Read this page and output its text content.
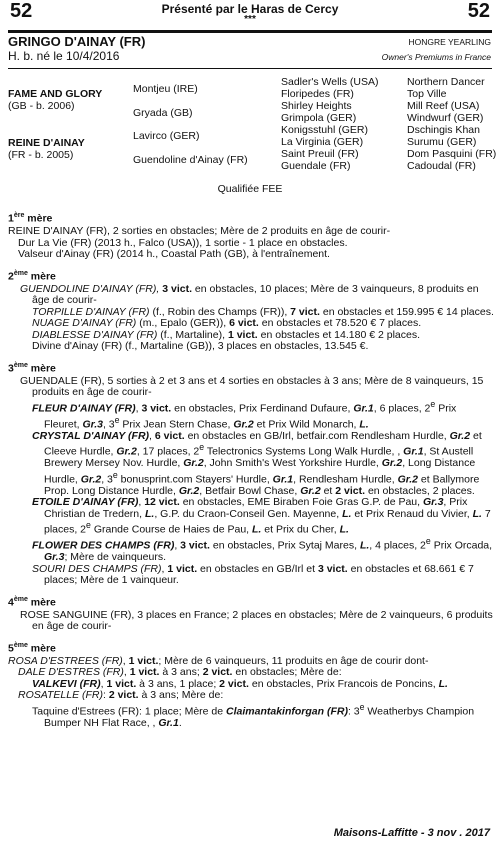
52	52
Présenté par le Haras de Cercy
***
GRINGO D'AINAY (FR)
H. b. né le 10/4/2016
HONGRE YEARLING
Owner's Premiums in France
FAME AND GLORY
(GB - b. 2006)
REINE D'AINAY
(FR - b. 2005)
Montjeu (IRE)
Gryada (GB)
Lavirco (GER)
Guendoline d'Ainay (FR)
Sadler's Wells (USA)
Floripedes (FR)
Shirley Heights
Grimpola (GER)
Konigsstuhl (GER)
La Virginia (GER)
Saint Preuil (FR)
Guendale (FR)
Northern Dancer
Top Ville
Mill Reef (USA)
Windwurf (GER)
Dschingis Khan
Surumu (GER)
Dom Pasquini (FR)
Cadoudal (FR)
Qualifiée FEE
1ère mère
REINE D'AINAY (FR), 2 sorties en obstacles; Mère de 2 produits en âge de courir-
Dur La Vie (FR) (2013 h., Falco (USA)), 1 sortie - 1 place en obstacles.
Valseur d'Ainay (FR) (2014 h., Coastal Path (GB), à l'entraînement.
2ème mère
GUENDOLINE D'AINAY (FR), 3 vict. en obstacles, 10 places; Mère de 3 vainqueurs, 8 produits en âge de courir-
TORPILLE D'AINAY (FR) (f., Robin des Champs (FR)), 7 vict. en obstacles et 159.995 € 14 places.
NUAGE D'AINAY (FR) (m., Epalo (GER)), 6 vict. en obstacles et 78.520 € 7 places.
DIABLESSE D'AINAY (FR) (f., Martaline), 1 vict. en obstacles et 14.180 € 2 places.
Divine d'Ainay (FR) (f., Martaline (GB)), 3 places en obstacles, 13.545 €.
3ème mère
GUENDALE (FR), 5 sorties à 2 et 3 ans et 4 sorties en obstacles à 3 ans; Mère de 8 vainqueurs, 15 produits en âge de courir-
FLEUR D'AINAY (FR), 3 vict. en obstacles, Prix Ferdinand Dufaure, Gr.1, 6 places, 2e Prix Fleuret, Gr.3, 3e Prix Jean Stern Chase, Gr.2 et Prix Wild Monarch, L.
CRYSTAL D'AINAY (FR), 6 vict. en obstacles en GB/Irl, betfair.com Rendlesham Hurdle, Gr.2 et Cleeve Hurdle, Gr.2, 17 places, 2e Telectronics Systems Long Walk Hurdle, , Gr.1, St Austell Brewery Mersey Nov. Hurdle, Gr.2, John Smith's West Yorkshire Hurdle, Gr.2, Long Distance Hurdle, Gr.2, 3e bonusprint.com Stayers' Hurdle, Gr.1, Rendlesham Hurdle, Gr.2 et Ballymore Prop. Long Distance Hurdle, Gr.2, Betfair Bowl Chase, Gr.2 et 2 vict. en obstacles, 2 places.
ETOILE D'AINAY (FR), 12 vict. en obstacles, EME Biraben Foie Gras G.P. de Pau, Gr.3, Prix Christian de Tredern, L., G.P. du Craon-Conseil Gen. Mayenne, L. et Prix Renaud du Vivier, L. 7 places, 2e Grande Course de Haies de Pau, L. et Prix du Cher, L.
FLOWER DES CHAMPS (FR), 3 vict. en obstacles, Prix Sytaj Mares, L., 4 places, 2e Prix Orcada, Gr.3; Mère de vainqueurs.
SOURI DES CHAMPS (FR), 1 vict. en obstacles en GB/Irl et 3 vict. en obstacles et 68.661 € 7 places; Mère de 1 vainqueur.
4ème mère
ROSE SANGUINE (FR), 3 places en France; 2 places en obstacles; Mère de 2 vainqueurs, 6 produits en âge de courir-
5ème mère
ROSA D'ESTREES (FR), 1 vict.; Mère de 6 vainqueurs, 11 produits en âge de courir dont-
DALE D'ESTRES (FR), 1 vict. à 3 ans; 2 vict. en obstacles; Mère de:
VALKEVI (FR), 1 vict. à 3 ans, 1 place; 2 vict. en obstacles, Prix Francois de Poncins, L.
ROSATELLE (FR): 2 vict. à 3 ans; Mère de:
Taquine d'Estrees (FR): 1 place; Mère de Claimantakinforgan (FR): 3e Weatherbys Champion Bumper NH Flat Race, , Gr.1.
Maisons-Laffitte - 3 nov . 2017
